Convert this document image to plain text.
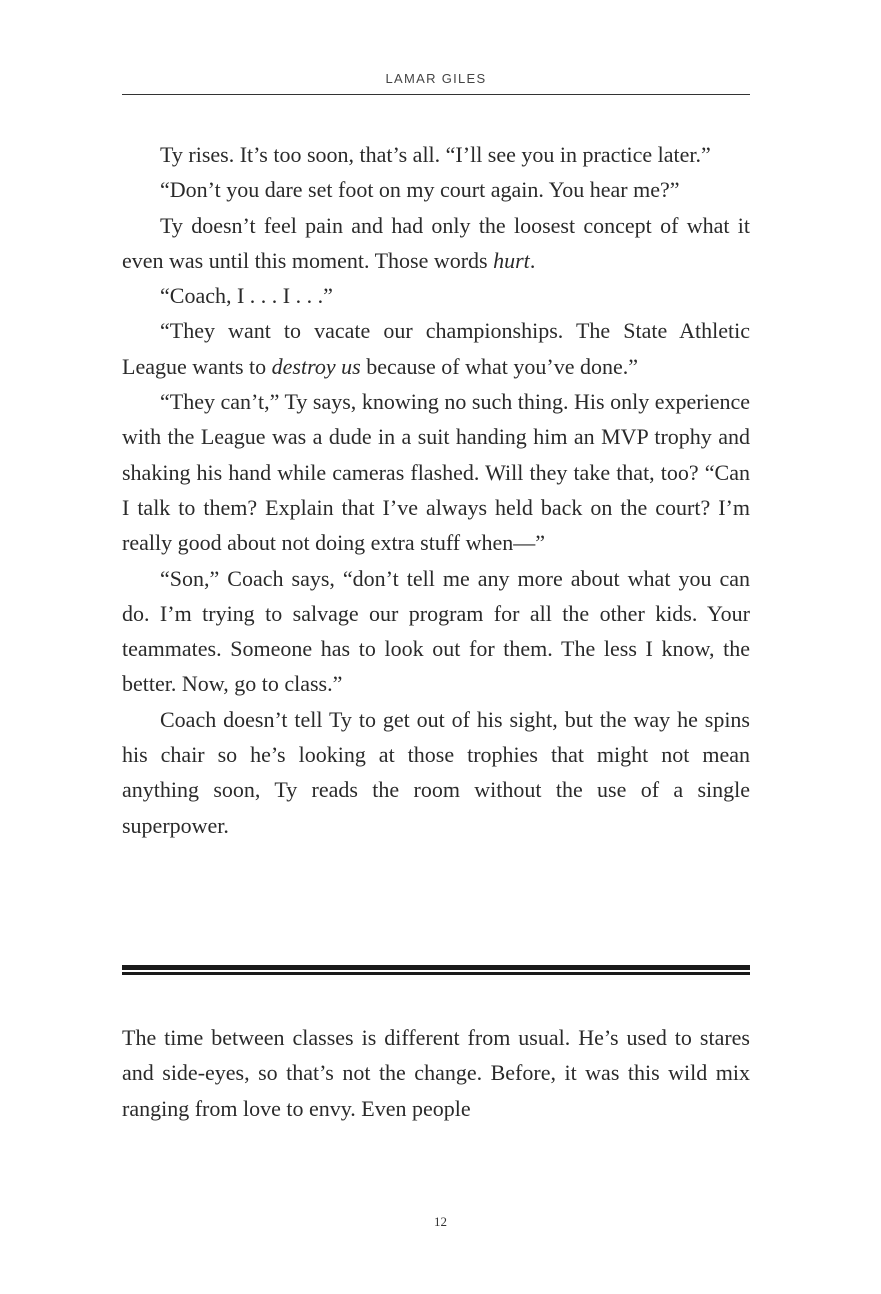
LAMAR GILES

Ty rises. It’s too soon, that’s all. “I’ll see you in practice later.”

“Don’t you dare set foot on my court again. You hear me?”

Ty doesn’t feel pain and had only the loosest concept of what it even was until this moment. Those words hurt.

“Coach, I . . . I . . .”

“They want to vacate our championships. The State Athletic League wants to destroy us because of what you’ve done.”

“They can’t,” Ty says, knowing no such thing. His only experience with the League was a dude in a suit handing him an MVP trophy and shaking his hand while cameras flashed. Will they take that, too? “Can I talk to them? Explain that I’ve always held back on the court? I’m really good about not doing extra stuff when—”

“Son,” Coach says, “don’t tell me any more about what you can do. I’m trying to salvage our program for all the other kids. Your teammates. Someone has to look out for them. The less I know, the better. Now, go to class.”

Coach doesn’t tell Ty to get out of his sight, but the way he spins his chair so he’s looking at those trophies that might not mean anything soon, Ty reads the room without the use of a single superpower.

The time between classes is different from usual. He’s used to stares and side-eyes, so that’s not the change. Before, it was this wild mix ranging from love to envy. Even people

12
